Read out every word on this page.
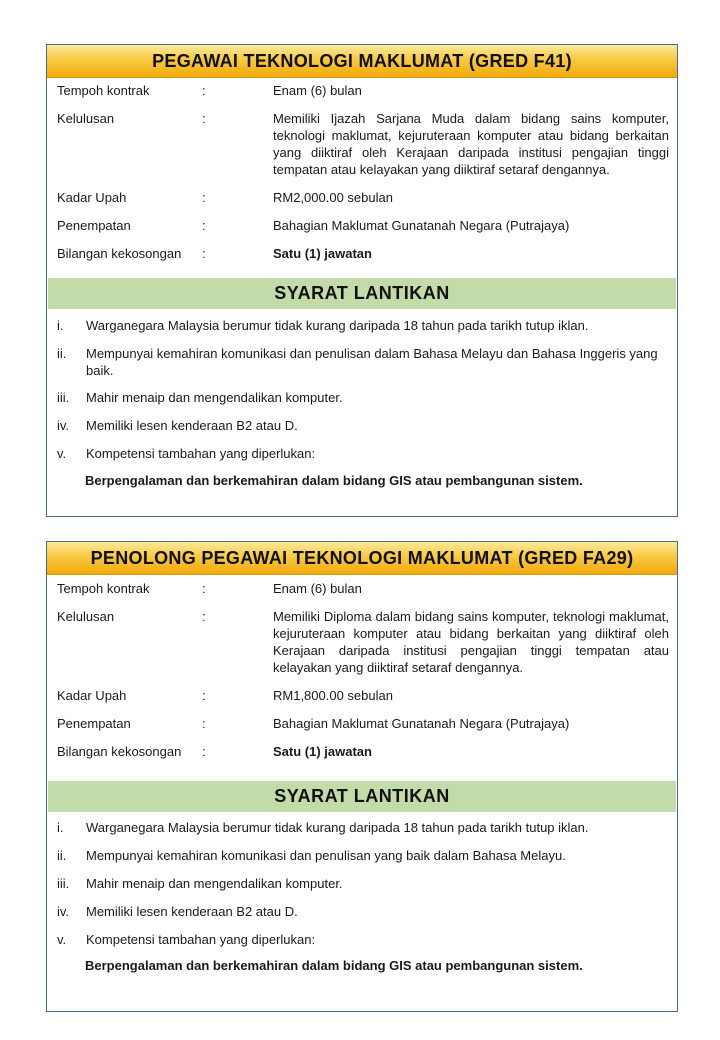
PEGAWAI TEKNOLOGI MAKLUMAT (GRED F41)
Tempoh kontrak	:	Enam (6) bulan
Kelulusan	:	Memiliki Ijazah Sarjana Muda dalam bidang sains komputer, teknologi maklumat, kejuruteraan komputer atau bidang berkaitan yang diiktiraf oleh Kerajaan daripada institusi pengajian tinggi tempatan atau kelayakan yang diiktiraf setaraf dengannya.
Kadar Upah	:	RM2,000.00 sebulan
Penempatan	:	Bahagian Maklumat Gunatanah Negara (Putrajaya)
Bilangan kekosongan :	Satu (1) jawatan
SYARAT LANTIKAN
i. Warganegara Malaysia berumur tidak kurang daripada 18 tahun pada tarikh tutup iklan.
ii. Mempunyai kemahiran komunikasi dan penulisan dalam Bahasa Melayu dan Bahasa Inggeris yang baik.
iii. Mahir menaip dan mengendalikan komputer.
iv. Memiliki lesen kenderaan B2 atau D.
v. Kompetensi tambahan yang diperlukan:
Berpengalaman dan berkemahiran dalam bidang GIS atau pembangunan sistem.
PENOLONG PEGAWAI TEKNOLOGI MAKLUMAT (GRED FA29)
Tempoh kontrak	:	Enam (6) bulan
Kelulusan	:	Memiliki Diploma dalam bidang sains komputer, teknologi maklumat, kejuruteraan komputer atau bidang berkaitan yang diiktiraf oleh Kerajaan daripada institusi pengajian tinggi tempatan atau kelayakan yang diiktiraf setaraf dengannya.
Kadar Upah	:	RM1,800.00 sebulan
Penempatan	:	Bahagian Maklumat Gunatanah Negara (Putrajaya)
Bilangan kekosongan :	Satu (1) jawatan
SYARAT LANTIKAN
i. Warganegara Malaysia berumur tidak kurang daripada 18 tahun pada tarikh tutup iklan.
ii. Mempunyai kemahiran komunikasi dan penulisan yang baik dalam Bahasa Melayu.
iii. Mahir menaip dan mengendalikan komputer.
iv. Memiliki lesen kenderaan B2 atau D.
v. Kompetensi tambahan yang diperlukan:
Berpengalaman dan berkemahiran dalam bidang GIS atau pembangunan sistem.
